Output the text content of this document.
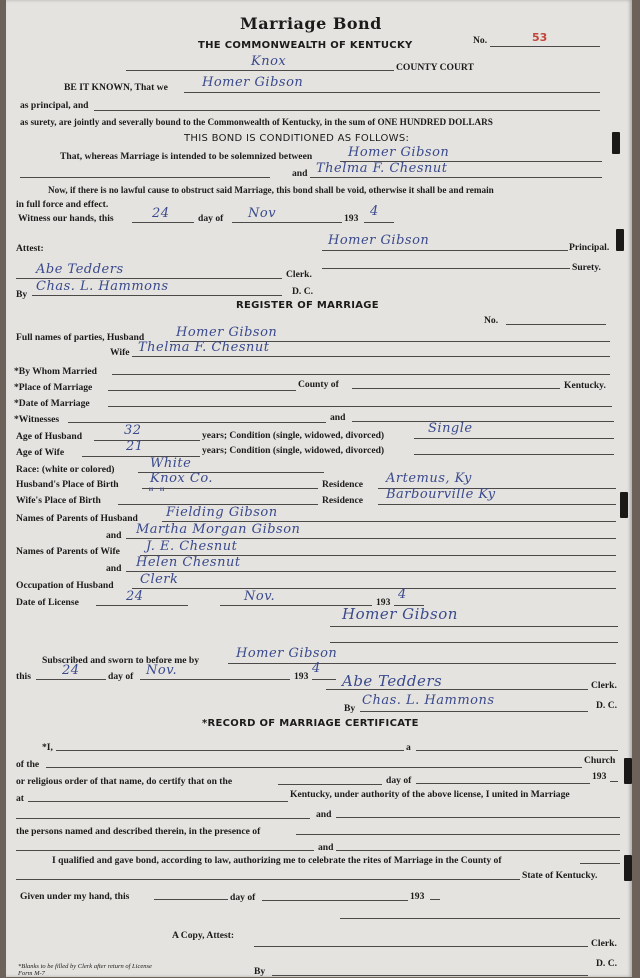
Marriage Bond
THE COMMONWEALTH OF KENTUCKY	No.	53
Knox	COUNTY COURT
BE IT KNOWN, That we	Homer Gibson
as principal, and
as surety, are jointly and severally bound to the Commonwealth of Kentucky, in the sum of ONE HUNDRED DOLLARS
THIS BOND IS CONDITIONED AS FOLLOWS:
That, whereas Marriage is intended to be solemnized between	Homer Gibson
and Thelma F. Chesnut
Now, if there is no lawful cause to obstruct said Marriage, this bond shall be void, otherwise it shall be and remain
in full force and effect.
Witness our hands, this	24	day of Nov	193 4
Attest:
Homer Gibson	Principal.
Surety.
Abe Tedders	Clerk.
By
Chas. L. Hammons	D. C.
REGISTER OF MARRIAGE
No.
Full names of parties, Husband Homer Gibson
Wife Thelma F. Chesnut
*By Whom Married
*Place of Marriage	County of	Kentucky.
*Date of Marriage
*Witnesses	and
Age of Husband	32	years; Condition (single, widowed, divorced)	Single
Age of Wife	21	years; Condition (single, widowed, divorced)
Race: (white or colored)	White
Husband's Place of Birth Knox Co.	Residence Artemus, Ky
Wife's Place of Birth	" "	Residence Barbourville Ky
Names of Parents of Husband Fielding Gibson
and Martha Morgan Gibson
Names of Parents of Wife J. E. Chesnut
and Helen Chesnut
Occupation of Husband Clerk
Date of License	24	Nov.	193
4
Homer Gibson
Subscribed and sworn to before me by	Homer Gibson
this 24	day of Nov.	193
4
Abe Tedders	Clerk.
By
Chas. L. Hammons	D. C.
*RECORD OF MARRIAGE CERTIFICATE
*I,	a
of the	Church
or religious order of that name, do certify that on the	day of	193
at	Kentucky, under authority of the above license, I united in Marriage
and
the persons named and described therein, in the presence of
and
I qualified and gave bond, according to law, authorizing me to celebrate the rites of Marriage in the County of
State of Kentucky.
Given under my hand, this	day of	193
A Copy, Attest:
Clerk.
*Blanks to be filled by Clerk after return of License
Form M-7	By
D. C.
